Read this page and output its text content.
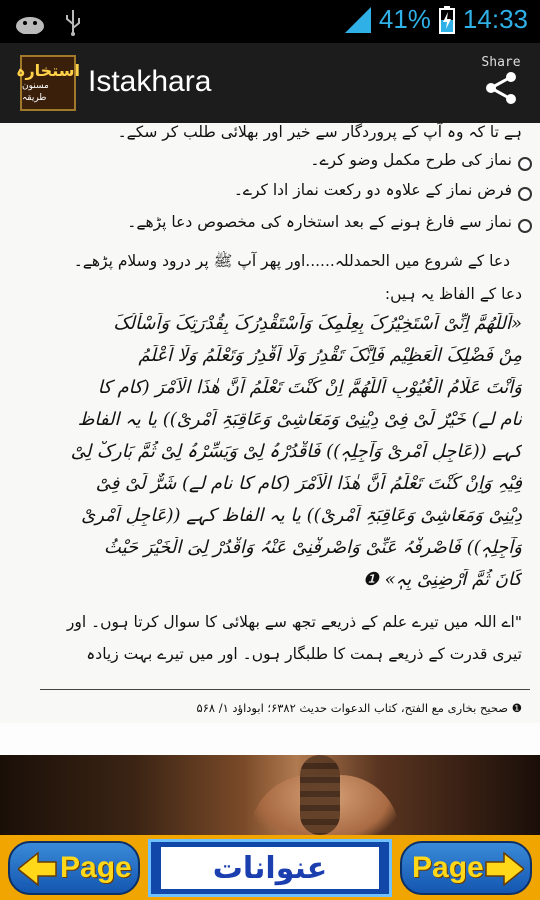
41% 14:33
استخارہ
مسنون طریقہ	Istakhara
Share
ہے تا کہ وہ آپ کے پروردگار سے خیر اور بھلائی طلب کر سکے۔
نماز کی طرح مکمل وضو کرے۔
فرض نماز کے علاوہ دو رکعت نماز ادا کرے۔
نماز سے فارغ ہونے کے بعد استخارہ کی مخصوص دعا پڑھے۔
دعا کے شروع میں الحمدللہ......اور پھر آپ ﷺ پر درود وسلام پڑھے۔
دعا کے الفاظ یہ ہیں:
«اَللّٰھُمَّ اِنِّیْ اَسْتَخِیْرُکَ بِعِلْمِکَ وَاَسْتَقْدِرُکَ بِقُدْرَتِکَ وَاَسْأَلُکَ
مِنْ فَضْلِکَ الْعَظِیْمِ فَاِنَّکَ تَقْدِرُ وَلَا اَقْدِرُ وَتَعْلَمُ وَلَا اَعْلَمُ
وَاَنْتَ عَلَّامُ الْغُیُوْبِ اَللّٰھُمَّ اِنْ کُنْتَ تَعْلَمُ اَنَّ ھٰذَا الْاَمْرَ (کام کا
نام لے) خَیْرٌ لِّیْ فِیْ دِیْنِیْ وَمَعَاشِیْ وَعَاقِبَۃِ اَمْرِیْ)) یا یہ الفاظ
کہے ((عَاجِلِ اَمْرِیْ وَآجِلِہٖ)) فَاقْدُرْہُ لِیْ وَیَسِّرْہُ لِیْ ثُمَّ بَارِکْ لِیْ
فِیْہِ وَاِنْ کُنْتَ تَعْلَمُ اَنَّ ھٰذَا الْاَمْرَ (کام کا نام لے) شَرٌّ لِّیْ فِیْ
دِیْنِیْ وَمَعَاشِیْ وَعَاقِبَۃِ اَمْرِیْ)) یا یہ الفاظ کہے ((عَاجِلِ اَمْرِیْ
وَآجِلِہٖ)) فَاصْرِفْہُ عَنِّیْ وَاصْرِفْنِیْ عَنْہُ وَاقْدُرْ لِیَ الْخَیْرَ حَیْثُ
کَانَ ثُمَّ اَرْضِنِیْ بِہٖ» ❶
"اے اللہ میں تیرے علم کے ذریعے تجھ سے بھلائی کا سوال کرتا ہوں۔ اور
تیری قدرت کے ذریعے ہمت کا طلبگار ہوں۔ اور میں تیرے بہت زیادہ
❶ صحیح بخاری مع الفتح، کتاب الدعوات حدیث ۶۳۸۲؛ ابوداؤد ۱/ ۵۶۸
Page	عنوانات	Page
